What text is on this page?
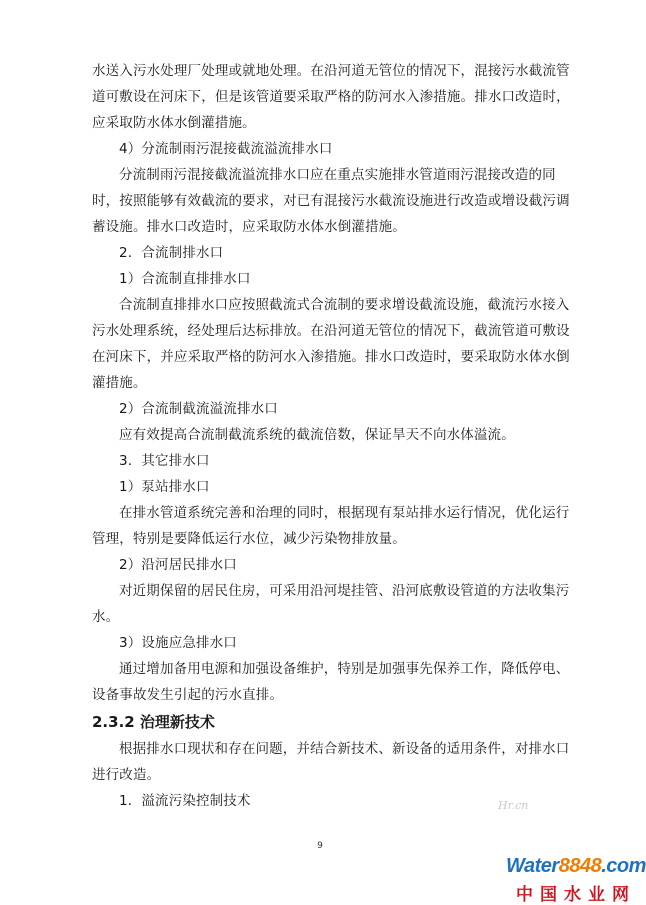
水送入污水处理厂处理或就地处理。在沿河道无管位的情况下，混接污水截流管
道可敷设在河床下，但是该管道要采取严格的防河水入渗措施。排水口改造时，
应采取防水体水倒灌措施。
4）分流制雨污混接截流溢流排水口
分流制雨污混接截流溢流排水口应在重点实施排水管道雨污混接改造的同
时，按照能够有效截流的要求，对已有混接污水截流设施进行改造或增设截污调
蓄设施。排水口改造时，应采取防水体水倒灌措施。
2．合流制排水口
1）合流制直排排水口
合流制直排排水口应按照截流式合流制的要求增设截流设施，截流污水接入
污水处理系统，经处理后达标排放。在沿河道无管位的情况下，截流管道可敷设
在河床下，并应采取严格的防河水入渗措施。排水口改造时，要采取防水体水倒
灌措施。
2）合流制截流溢流排水口
应有效提高合流制截流系统的截流倍数，保证旱天不向水体溢流。
3．其它排水口
1）泵站排水口
在排水管道系统完善和治理的同时，根据现有泵站排水运行情况，优化运行
管理，特别是要降低运行水位，减少污染物排放量。
2）沿河居民排水口
对近期保留的居民住房，可采用沿河堤挂管、沿河底敷设管道的方法收集污
水。
3）设施应急排水口
通过增加备用电源和加强设备维护，特别是加强事先保养工作，降低停电、
设备事故发生引起的污水直排。
2.3.2 治理新技术
根据排水口现状和存在问题，并结合新技术、新设备的适用条件，对排水口
进行改造。
1．溢流污染控制技术	Hr.cn
9
Water8848.com
中国水业网
